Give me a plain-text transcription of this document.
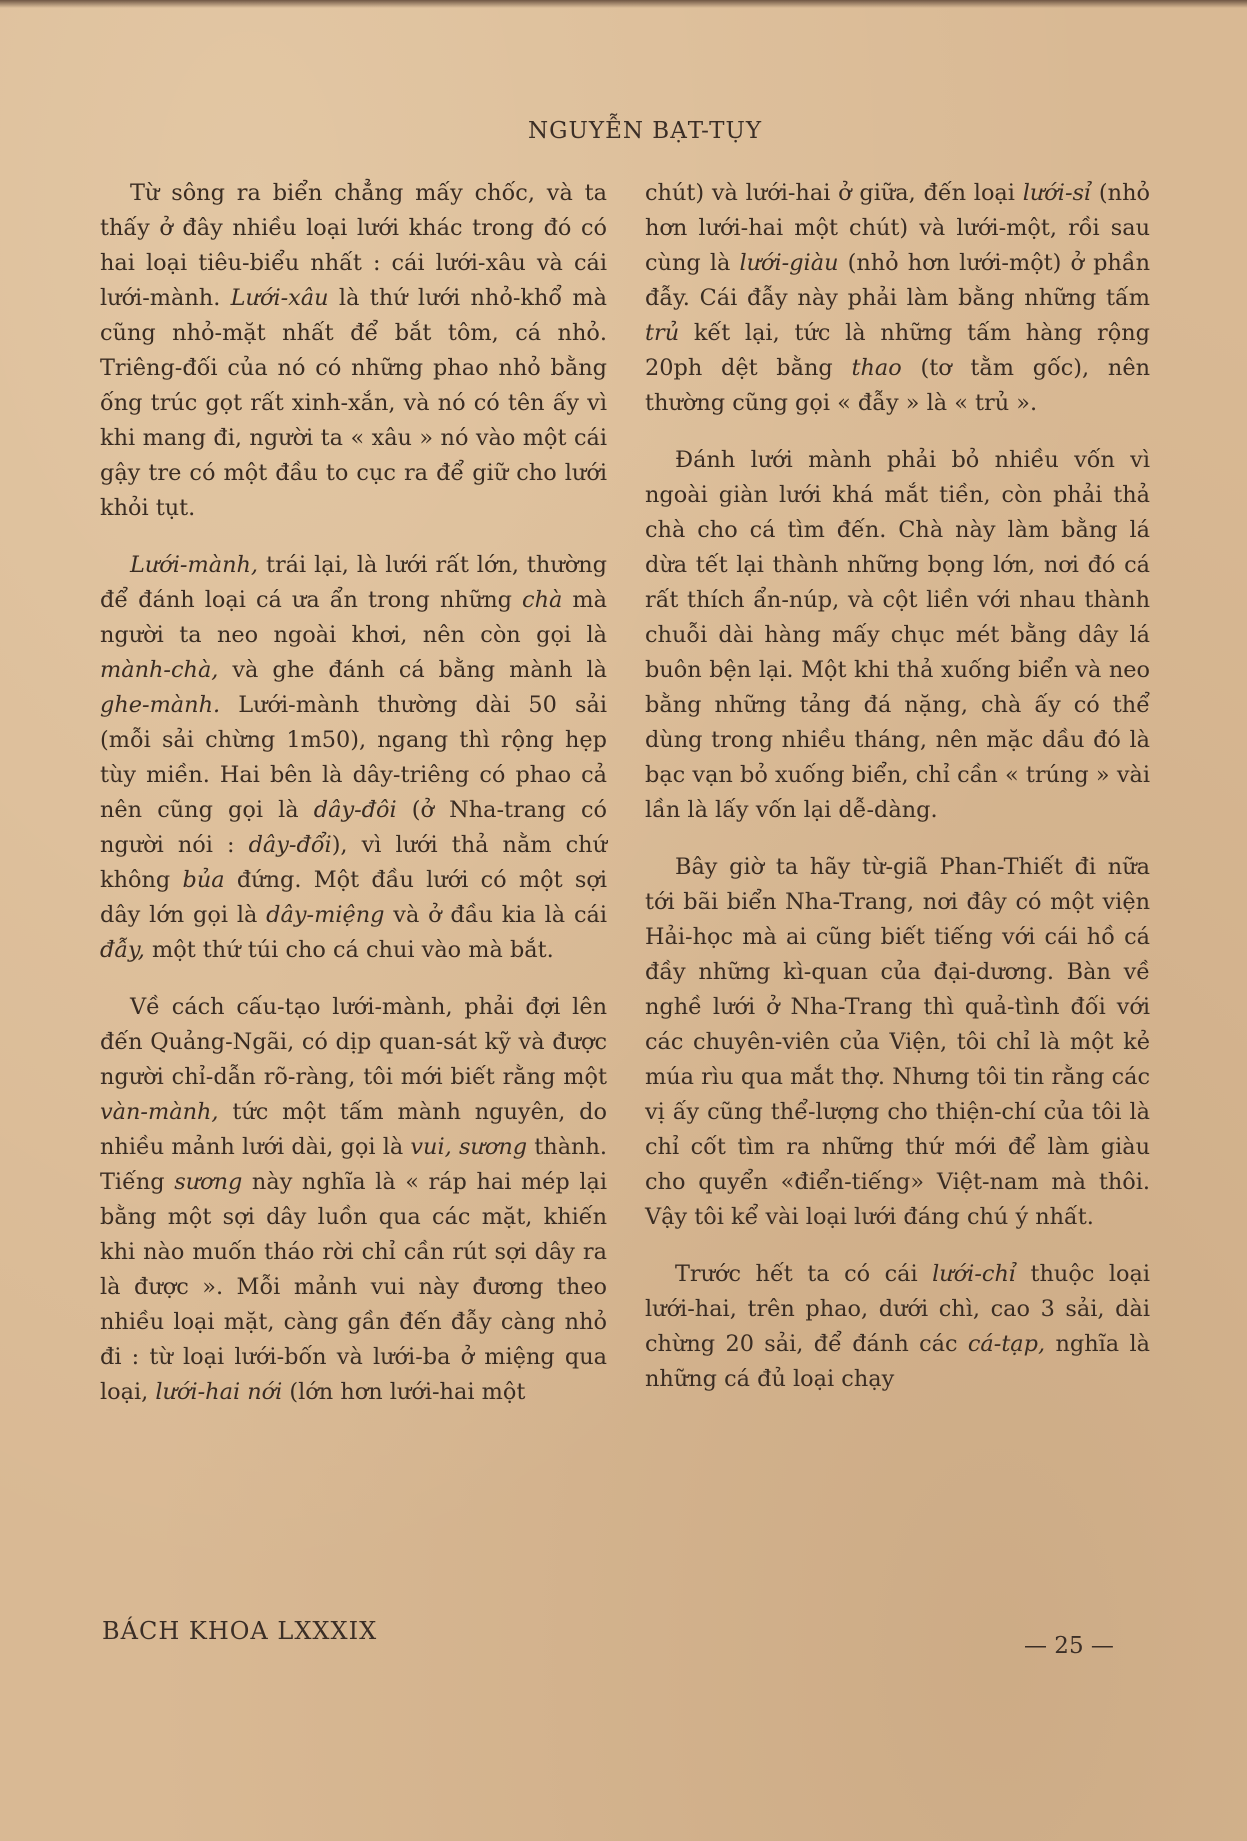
NGUYỄN BẠT-TỤY

Từ sông ra biển chẳng mấy chốc, và ta thấy ở đây nhiều loại lưới khác trong đó có hai loại tiêu-biểu nhất : cái lưới-xâu và cái lưới-mành. Lưới-xâu là thứ lưới nhỏ-khổ mà cũng nhỏ-mặt nhất để bắt tôm, cá nhỏ. Triêng-đối của nó có những phao nhỏ bằng ống trúc gọt rất xinh-xắn, và nó có tên ấy vì khi mang đi, người ta « xâu » nó vào một cái gậy tre có một đầu to cục ra để giữ cho lưới khỏi tụt.

Lưới-mành, trái lại, là lưới rất lớn, thường để đánh loại cá ưa ẩn trong những chà mà người ta neo ngoài khơi, nên còn gọi là mành-chà, và ghe đánh cá bằng mành là ghe-mành. Lưới-mành thường dài 50 sải (mỗi sải chừng 1m50), ngang thì rộng hẹp tùy miền. Hai bên là dây-triêng có phao cả nên cũng gọi là dây-đôi (ở Nha-trang có người nói : dây-đổi), vì lưới thả nằm chứ không bủa đứng. Một đầu lưới có một sợi dây lớn gọi là dây-miệng và ở đầu kia là cái đẫy, một thứ túi cho cá chui vào mà bắt.

Về cách cấu-tạo lưới-mành, phải đợi lên đến Quảng-Ngãi, có dịp quan-sát kỹ và được người chỉ-dẫn rõ-ràng, tôi mới biết rằng một vàn-mành, tức một tấm mành nguyên, do nhiều mảnh lưới dài, gọi là vui, sương thành. Tiếng sương này nghĩa là « ráp hai mép lại bằng một sợi dây luồn qua các mặt, khiến khi nào muốn tháo rời chỉ cần rút sợi dây ra là được ». Mỗi mảnh vui này đương theo nhiều loại mặt, càng gần đến đẫy càng nhỏ đi : từ loại lưới-bốn và lưới-ba ở miệng qua loại, lưới-hai nới (lớn hơn lưới-hai một

chút) và lưới-hai ở giữa, đến loại lưới-sỉ (nhỏ hơn lưới-hai một chút) và lưới-một, rồi sau cùng là lưới-giàu (nhỏ hơn lưới-một) ở phần đẫy. Cái đẫy này phải làm bằng những tấm trủ kết lại, tức là những tấm hàng rộng 20ph dệt bằng thao (tơ tằm gốc), nên thường cũng gọi « đẫy » là « trủ ».

Đánh lưới mành phải bỏ nhiều vốn vì ngoài giàn lưới khá mắt tiền, còn phải thả chà cho cá tìm đến. Chà này làm bằng lá dừa tết lại thành những bọng lớn, nơi đó cá rất thích ẩn-núp, và cột liền với nhau thành chuỗi dài hàng mấy chục mét bằng dây lá buôn bện lại. Một khi thả xuống biển và neo bằng những tảng đá nặng, chà ấy có thể dùng trong nhiều tháng, nên mặc dầu đó là bạc vạn bỏ xuống biển, chỉ cần « trúng » vài lần là lấy vốn lại dễ-dàng.

Bây giờ ta hãy từ-giã Phan-Thiết đi nữa tới bãi biển Nha-Trang, nơi đây có một viện Hải-học mà ai cũng biết tiếng với cái hồ cá đầy những kì-quan của đại-dương. Bàn về nghề lưới ở Nha-Trang thì quả-tình đối với các chuyên-viên của Viện, tôi chỉ là một kẻ múa rìu qua mắt thợ. Nhưng tôi tin rằng các vị ấy cũng thể-lượng cho thiện-chí của tôi là chỉ cốt tìm ra những thứ mới để làm giàu cho quyển «điển-tiếng» Việt-nam mà thôi. Vậy tôi kể vài loại lưới đáng chú ý nhất.

Trước hết ta có cái lưới-chỉ thuộc loại lưới-hai, trên phao, dưới chì, cao 3 sải, dài chừng 20 sải, để đánh các cá-tạp, nghĩa là những cá đủ loại chạy

BÁCH KHOA LXXXIX
— 25 —
